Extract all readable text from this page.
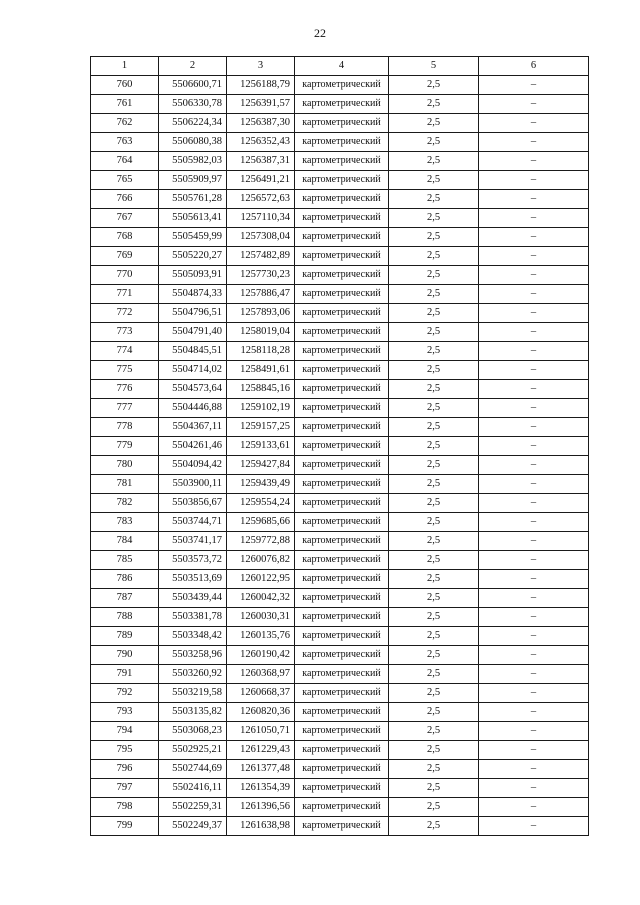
22
1	2	3	4	5	6
760	5506600,71	1256188,79	картометрический	2,5	–
761	5506330,78	1256391,57	картометрический	2,5	–
762	5506224,34	1256387,30	картометрический	2,5	–
763	5506080,38	1256352,43	картометрический	2,5	–
764	5505982,03	1256387,31	картометрический	2,5	–
765	5505909,97	1256491,21	картометрический	2,5	–
766	5505761,28	1256572,63	картометрический	2,5	–
767	5505613,41	1257110,34	картометрический	2,5	–
768	5505459,99	1257308,04	картометрический	2,5	–
769	5505220,27	1257482,89	картометрический	2,5	–
770	5505093,91	1257730,23	картометрический	2,5	–
771	5504874,33	1257886,47	картометрический	2,5	–
772	5504796,51	1257893,06	картометрический	2,5	–
773	5504791,40	1258019,04	картометрический	2,5	–
774	5504845,51	1258118,28	картометрический	2,5	–
775	5504714,02	1258491,61	картометрический	2,5	–
776	5504573,64	1258845,16	картометрический	2,5	–
777	5504446,88	1259102,19	картометрический	2,5	–
778	5504367,11	1259157,25	картометрический	2,5	–
779	5504261,46	1259133,61	картометрический	2,5	–
780	5504094,42	1259427,84	картометрический	2,5	–
781	5503900,11	1259439,49	картометрический	2,5	–
782	5503856,67	1259554,24	картометрический	2,5	–
783	5503744,71	1259685,66	картометрический	2,5	–
784	5503741,17	1259772,88	картометрический	2,5	–
785	5503573,72	1260076,82	картометрический	2,5	–
786	5503513,69	1260122,95	картометрический	2,5	–
787	5503439,44	1260042,32	картометрический	2,5	–
788	5503381,78	1260030,31	картометрический	2,5	–
789	5503348,42	1260135,76	картометрический	2,5	–
790	5503258,96	1260190,42	картометрический	2,5	–
791	5503260,92	1260368,97	картометрический	2,5	–
792	5503219,58	1260668,37	картометрический	2,5	–
793	5503135,82	1260820,36	картометрический	2,5	–
794	5503068,23	1261050,71	картометрический	2,5	–
795	5502925,21	1261229,43	картометрический	2,5	–
796	5502744,69	1261377,48	картометрический	2,5	–
797	5502416,11	1261354,39	картометрический	2,5	–
798	5502259,31	1261396,56	картометрический	2,5	–
799	5502249,37	1261638,98	картометрический	2,5	–
